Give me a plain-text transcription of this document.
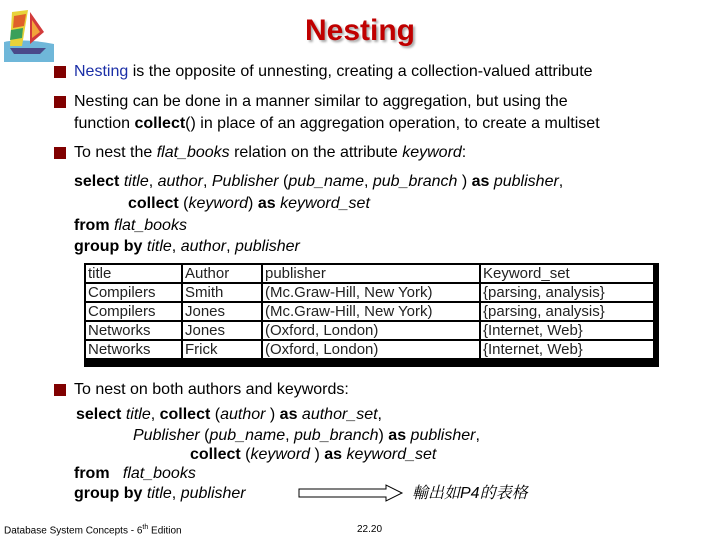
Nesting
Nesting is the opposite of unnesting, creating a collection-valued attribute
Nesting can be done in a manner similar to aggregation, but using the
function collect() in place of an aggregation operation, to create a multiset
To nest the flat_books relation on the attribute keyword:
select title, author, Publisher (pub_name, pub_branch ) as publisher,
collect (keyword) as keyword_set
from flat_books
group by title, author, publisher
title	Author	publisher	Keyword_set
Compilers	Smith	(Mc.Graw-Hill, New York)	{parsing, analysis}
Compilers	Jones	(Mc.Graw-Hill, New York)	{parsing, analysis}
Networks	Jones	(Oxford, London)	{Internet, Web}
Networks	Frick	(Oxford, London)	{Internet, Web}
To nest on both authors and keywords:
select title, collect (author ) as author_set,
Publisher (pub_name, pub_branch) as publisher,
collect (keyword ) as keyword_set
from   flat_books
group by title, publisher	輸出如P4的表格
Database System Concepts - 6th Edition	22.20
